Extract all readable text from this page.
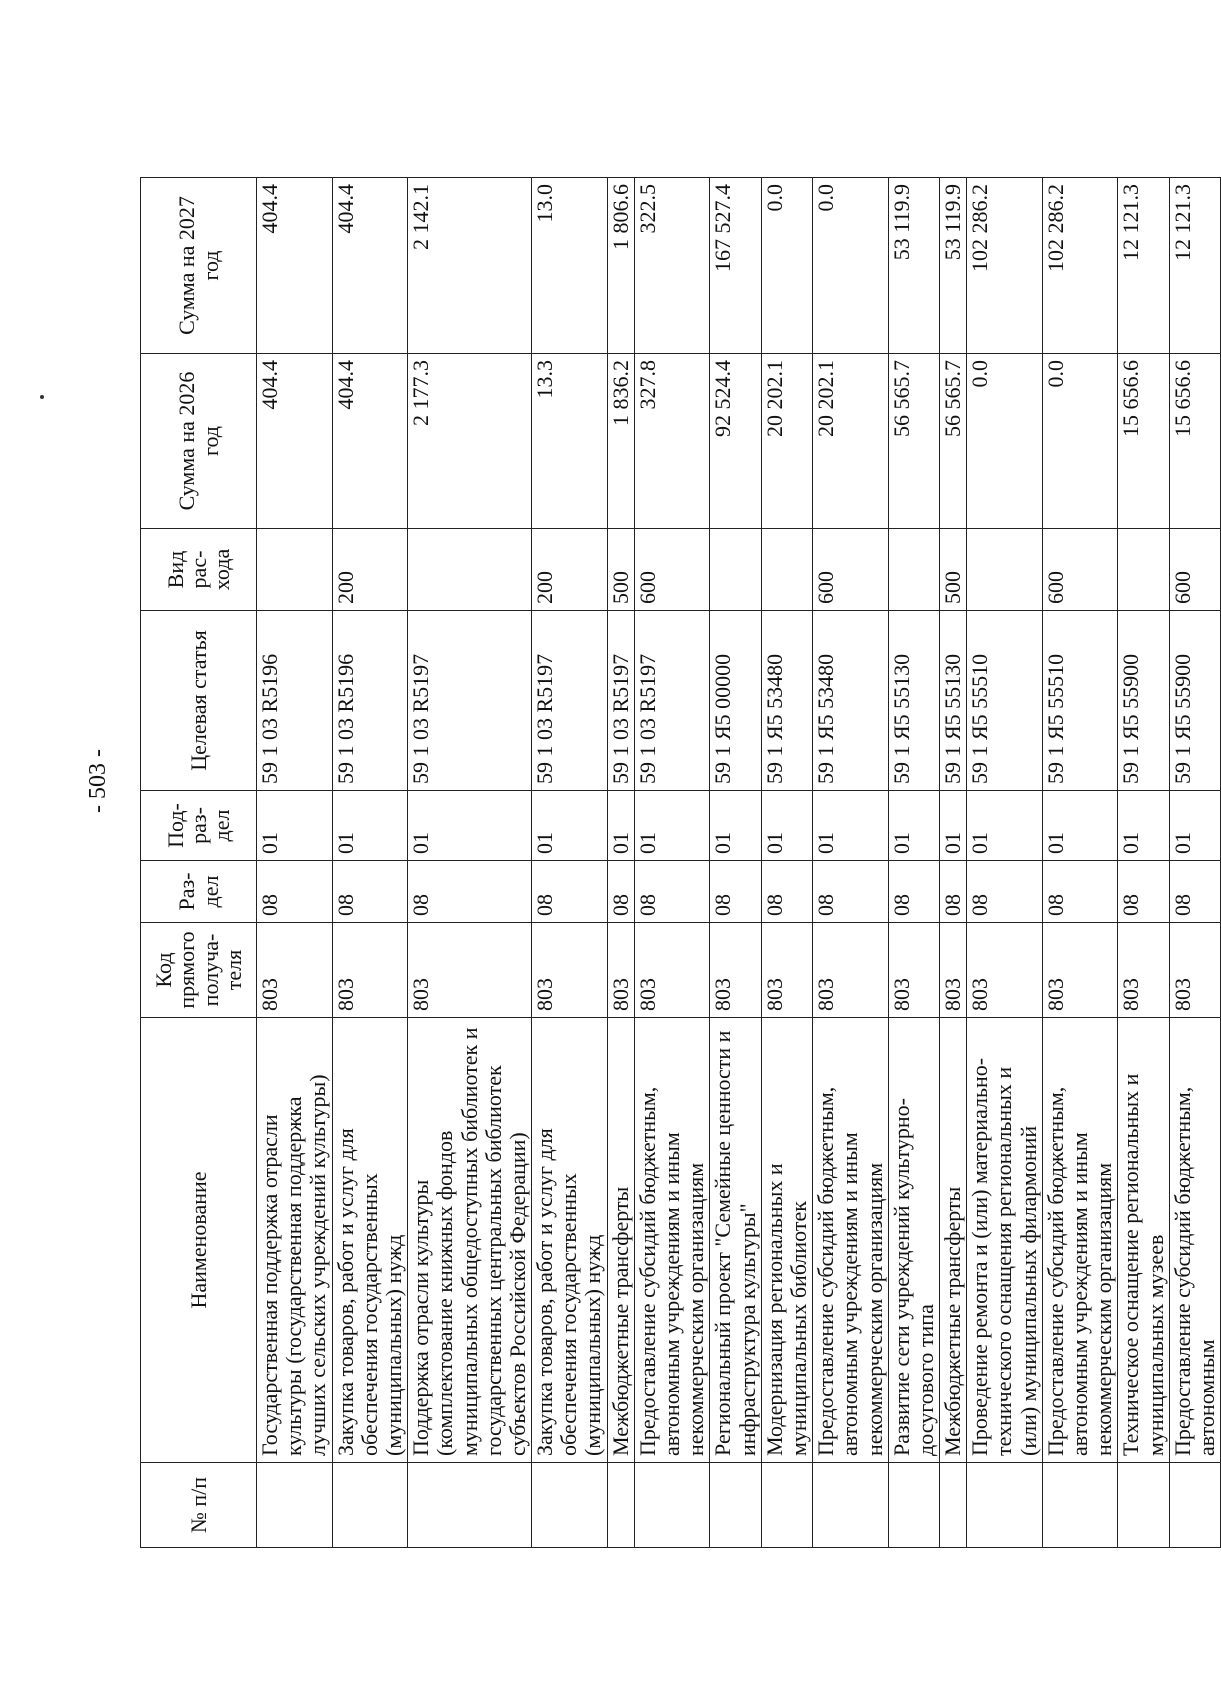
- 503 -
№ п/п	Наименование	Код прямого получа-теля	Раз-дел	Под-раз-дел	Целевая статья	Вид рас-хода	Сумма на 2026 год	Сумма на 2027 год
	Государственная поддержка отрасли культуры (государственная поддержка лучших сельских учреждений культуры)	803	08	01	59 1 03 R5196		404.4	404.4
	Закупка товаров, работ и услуг для обеспечения государственных (муниципальных) нужд	803	08	01	59 1 03 R5196	200	404.4	404.4
	Поддержка отрасли культуры (комплектование книжных фондов муниципальных общедоступных библиотек и государственных центральных библиотек субъектов Российской Федерации)	803	08	01	59 1 03 R5197		2 177.3	2 142.1
	Закупка товаров, работ и услуг для обеспечения государственных (муниципальных) нужд	803	08	01	59 1 03 R5197	200	13.3	13.0
	Межбюджетные трансферты	803	08	01	59 1 03 R5197	500	1 836.2	1 806.6
	Предоставление субсидий бюджетным, автономным учреждениям и иным некоммерческим организациям	803	08	01	59 1 03 R5197	600	327.8	322.5
	Региональный проект "Семейные ценности и инфраструктура культуры"	803	08	01	59 1 Я5 00000		92 524.4	167 527.4
	Модернизация региональных и муниципальных библиотек	803	08	01	59 1 Я5 53480		20 202.1	0.0
	Предоставление субсидий бюджетным, автономным учреждениям и иным некоммерческим организациям	803	08	01	59 1 Я5 53480	600	20 202.1	0.0
	Развитие сети учреждений культурно-досугового типа	803	08	01	59 1 Я5 55130		56 565.7	53 119.9
	Межбюджетные трансферты	803	08	01	59 1 Я5 55130	500	56 565.7	53 119.9
	Проведение ремонта и (или) материально-технического оснащения региональных и (или) муниципальных филармоний	803	08	01	59 1 Я5 55510		0.0	102 286.2
	Предоставление субсидий бюджетным, автономным учреждениям и иным некоммерческим организациям	803	08	01	59 1 Я5 55510	600	0.0	102 286.2
	Техническое оснащение региональных и муниципальных музеев	803	08	01	59 1 Я5 55900		15 656.6	12 121.3
	Предоставление субсидий бюджетным, автономным	803	08	01	59 1 Я5 55900	600	15 656.6	12 121.3
